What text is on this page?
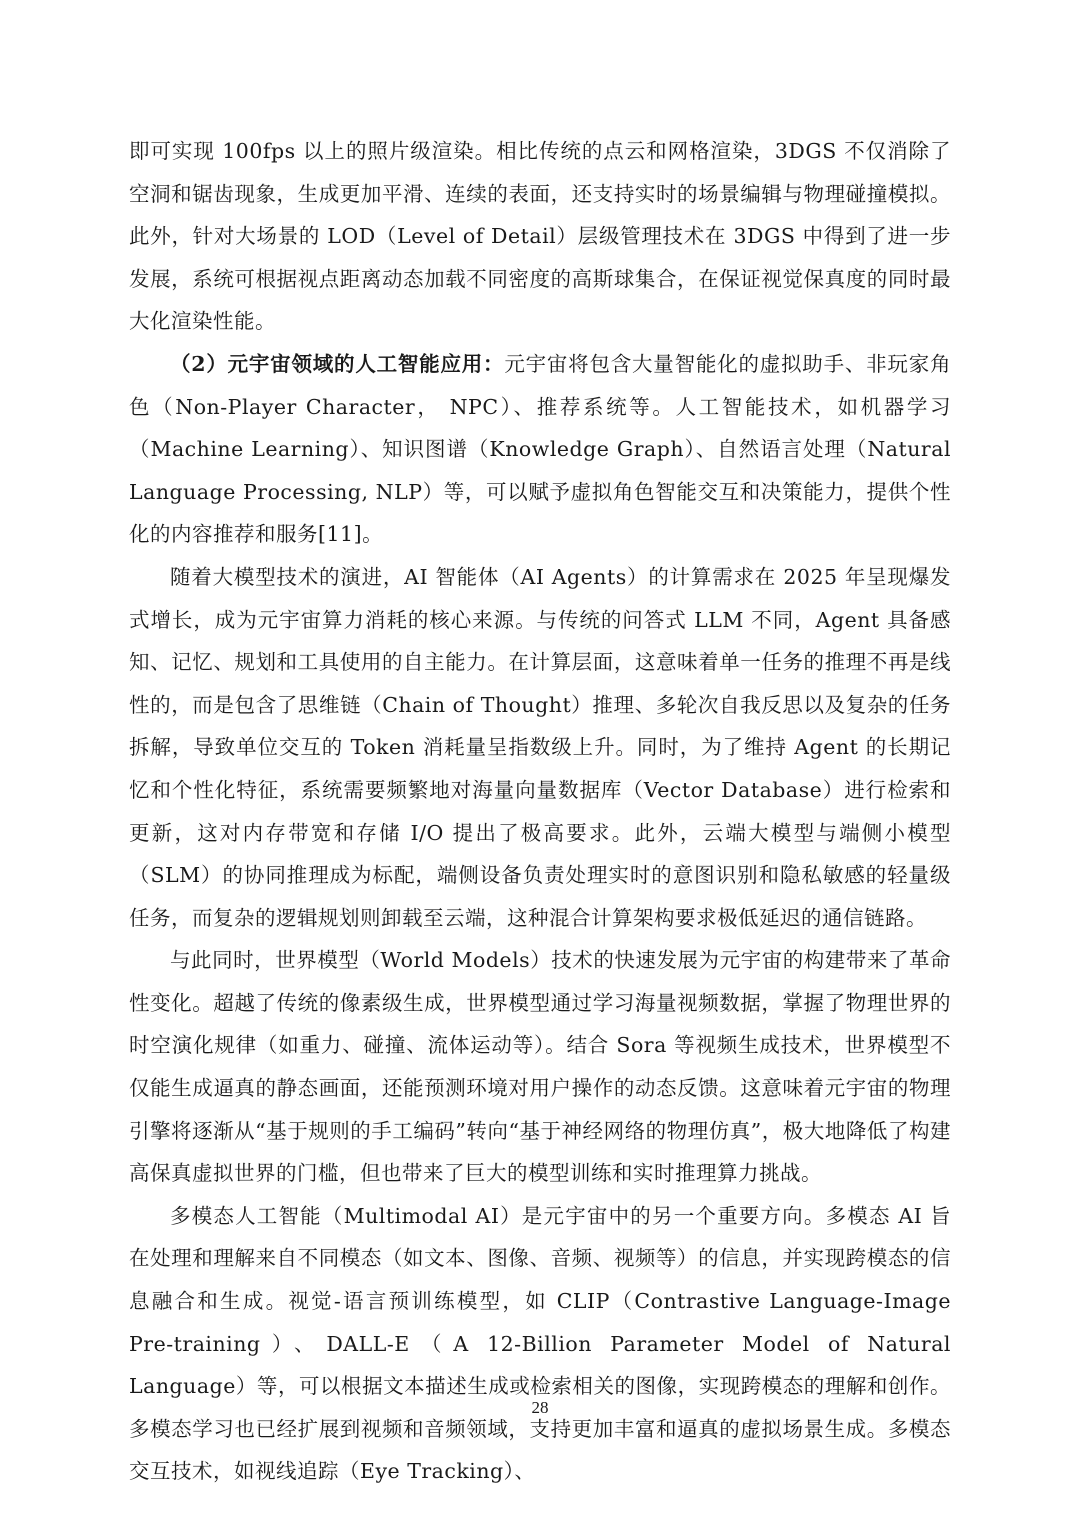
即可实现 100fps 以上的照片级渲染。相比传统的点云和网格渲染，3DGS 不仅消除了空洞和锯齿现象，生成更加平滑、连续的表面，还支持实时的场景编辑与物理碰撞模拟。此外，针对大场景的 LOD（Level of Detail）层级管理技术在 3DGS 中得到了进一步发展，系统可根据视点距离动态加载不同密度的高斯球集合，在保证视觉保真度的同时最大化渲染性能。

（2）元宇宙领域的人工智能应用：元宇宙将包含大量智能化的虚拟助手、非玩家角色（Non-Player Character， NPC）、推荐系统等。人工智能技术，如机器学习（Machine Learning）、知识图谱（Knowledge Graph）、自然语言处理（Natural Language Processing, NLP）等，可以赋予虚拟角色智能交互和决策能力，提供个性化的内容推荐和服务[11]。

随着大模型技术的演进，AI 智能体（AI Agents）的计算需求在 2025 年呈现爆发式增长，成为元宇宙算力消耗的核心来源。与传统的问答式 LLM 不同，Agent 具备感知、记忆、规划和工具使用的自主能力。在计算层面，这意味着单一任务的推理不再是线性的，而是包含了思维链（Chain of Thought）推理、多轮次自我反思以及复杂的任务拆解，导致单位交互的 Token 消耗量呈指数级上升。同时，为了维持 Agent 的长期记忆和个性化特征，系统需要频繁地对海量向量数据库（Vector Database）进行检索和更新，这对内存带宽和存储 I/O 提出了极高要求。此外，云端大模型与端侧小模型（SLM）的协同推理成为标配，端侧设备负责处理实时的意图识别和隐私敏感的轻量级任务，而复杂的逻辑规划则卸载至云端，这种混合计算架构要求极低延迟的通信链路。

与此同时，世界模型（World Models）技术的快速发展为元宇宙的构建带来了革命性变化。超越了传统的像素级生成，世界模型通过学习海量视频数据，掌握了物理世界的时空演化规律（如重力、碰撞、流体运动等）。结合 Sora 等视频生成技术，世界模型不仅能生成逼真的静态画面，还能预测环境对用户操作的动态反馈。这意味着元宇宙的物理引擎将逐渐从“基于规则的手工编码”转向“基于神经网络的物理仿真”，极大地降低了构建高保真虚拟世界的门槛，但也带来了巨大的模型训练和实时推理算力挑战。

多模态人工智能（Multimodal AI）是元宇宙中的另一个重要方向。多模态 AI 旨在处理和理解来自不同模态（如文本、图像、音频、视频等）的信息，并实现跨模态的信息融合和生成。视觉-语言预训练模型，如 CLIP（Contrastive Language-Image Pre-training）、DALL-E（A 12-Billion Parameter Model of Natural Language）等，可以根据文本描述生成或检索相关的图像，实现跨模态的理解和创作。多模态学习也已经扩展到视频和音频领域，支持更加丰富和逼真的虚拟场景生成。多模态交互技术，如视线追踪（Eye Tracking）、

28
